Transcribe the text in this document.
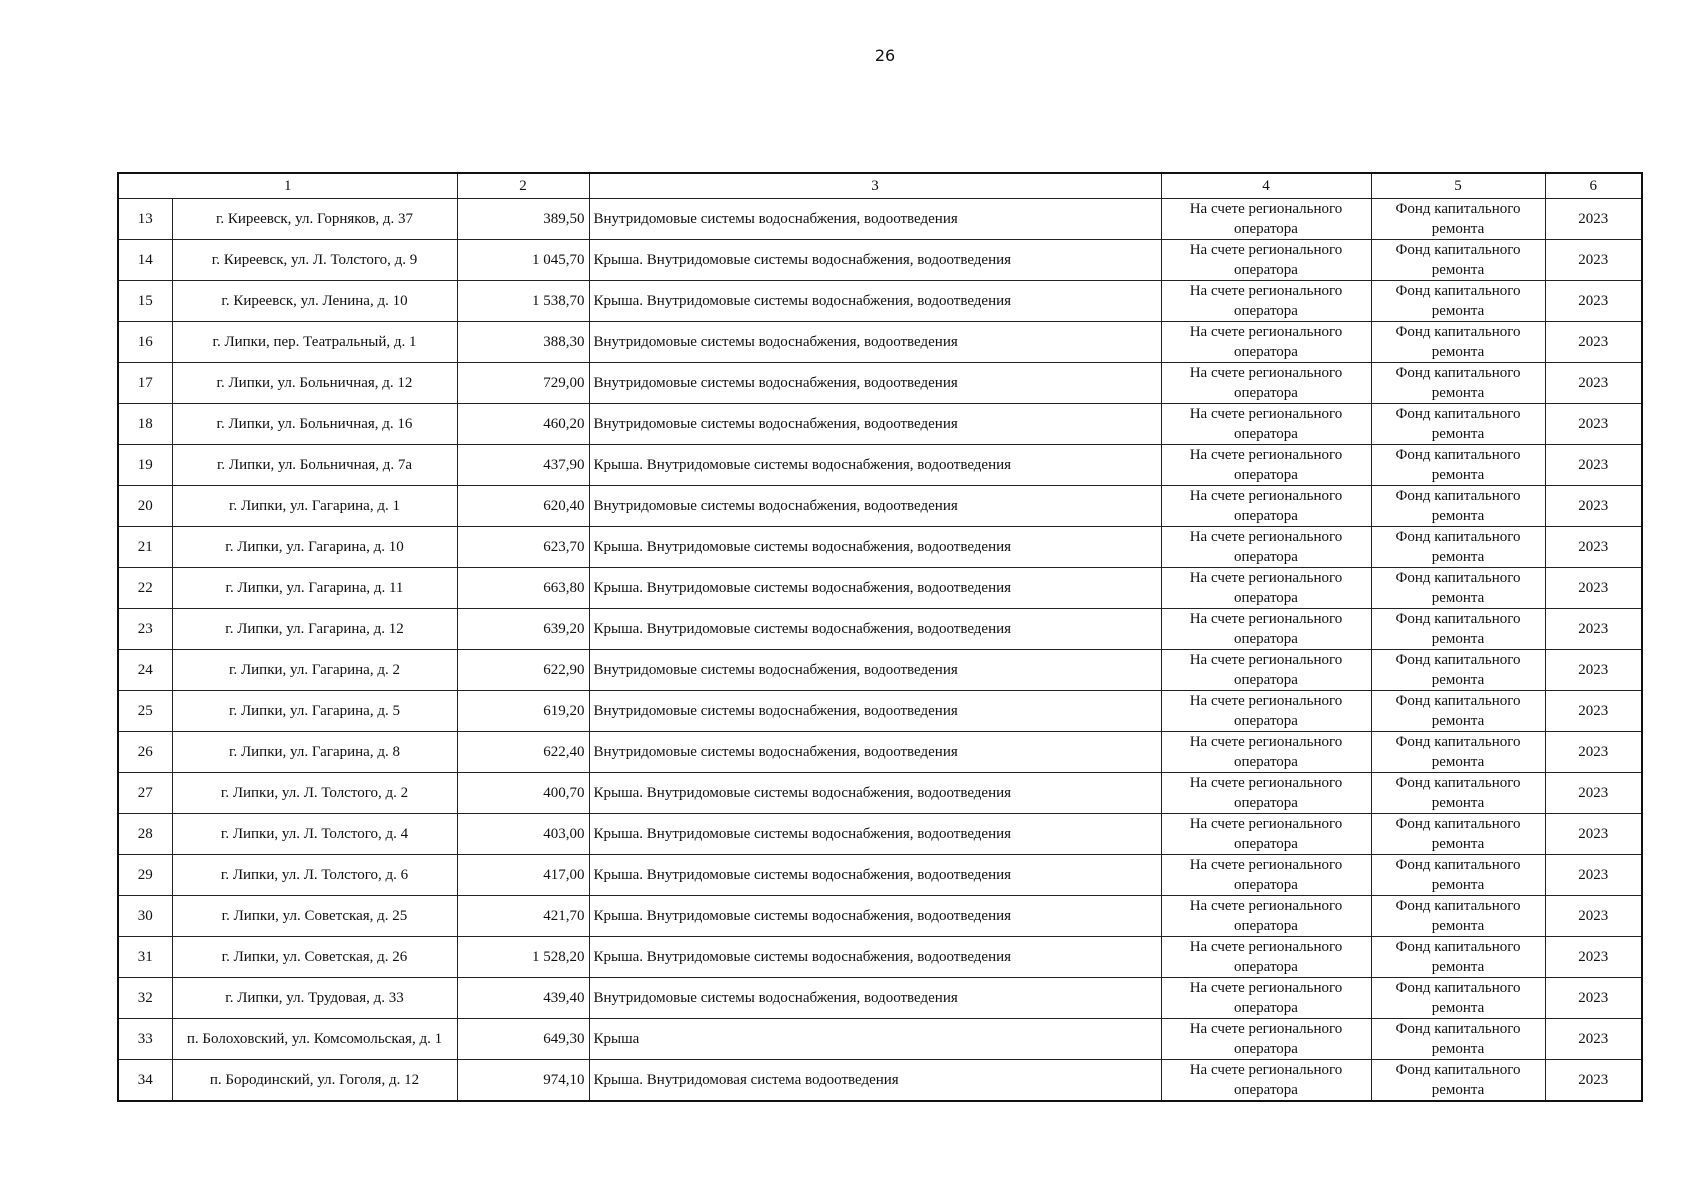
26
1		2	3	4	5	6
13	г. Киреевск, ул. Горняков, д. 37	389,50	Внутридомовые системы водоснабжения, водоотведения	На счете регионального оператора	Фонд капитального ремонта	2023
14	г. Киреевск, ул. Л. Толстого, д. 9	1 045,70	Крыша. Внутридомовые системы водоснабжения, водоотведения	На счете регионального оператора	Фонд капитального ремонта	2023
15	г. Киреевск, ул. Ленина, д. 10	1 538,70	Крыша. Внутридомовые системы водоснабжения, водоотведения	На счете регионального оператора	Фонд капитального ремонта	2023
16	г. Липки, пер. Театральный, д. 1	388,30	Внутридомовые системы водоснабжения, водоотведения	На счете регионального оператора	Фонд капитального ремонта	2023
17	г. Липки, ул. Больничная, д. 12	729,00	Внутридомовые системы водоснабжения, водоотведения	На счете регионального оператора	Фонд капитального ремонта	2023
18	г. Липки, ул. Больничная, д. 16	460,20	Внутридомовые системы водоснабжения, водоотведения	На счете регионального оператора	Фонд капитального ремонта	2023
19	г. Липки, ул. Больничная, д. 7а	437,90	Крыша. Внутридомовые системы водоснабжения, водоотведения	На счете регионального оператора	Фонд капитального ремонта	2023
20	г. Липки, ул. Гагарина, д. 1	620,40	Внутридомовые системы водоснабжения, водоотведения	На счете регионального оператора	Фонд капитального ремонта	2023
21	г. Липки, ул. Гагарина, д. 10	623,70	Крыша. Внутридомовые системы водоснабжения, водоотведения	На счете регионального оператора	Фонд капитального ремонта	2023
22	г. Липки, ул. Гагарина, д. 11	663,80	Крыша. Внутридомовые системы водоснабжения, водоотведения	На счете регионального оператора	Фонд капитального ремонта	2023
23	г. Липки, ул. Гагарина, д. 12	639,20	Крыша. Внутридомовые системы водоснабжения, водоотведения	На счете регионального оператора	Фонд капитального ремонта	2023
24	г. Липки, ул. Гагарина, д. 2	622,90	Внутридомовые системы водоснабжения, водоотведения	На счете регионального оператора	Фонд капитального ремонта	2023
25	г. Липки, ул. Гагарина, д. 5	619,20	Внутридомовые системы водоснабжения, водоотведения	На счете регионального оператора	Фонд капитального ремонта	2023
26	г. Липки, ул. Гагарина, д. 8	622,40	Внутридомовые системы водоснабжения, водоотведения	На счете регионального оператора	Фонд капитального ремонта	2023
27	г. Липки, ул. Л. Толстого, д. 2	400,70	Крыша. Внутридомовые системы водоснабжения, водоотведения	На счете регионального оператора	Фонд капитального ремонта	2023
28	г. Липки, ул. Л. Толстого, д. 4	403,00	Крыша. Внутридомовые системы водоснабжения, водоотведения	На счете регионального оператора	Фонд капитального ремонта	2023
29	г. Липки, ул. Л. Толстого, д. 6	417,00	Крыша. Внутридомовые системы водоснабжения, водоотведения	На счете регионального оператора	Фонд капитального ремонта	2023
30	г. Липки, ул. Советская, д. 25	421,70	Крыша. Внутридомовые системы водоснабжения, водоотведения	На счете регионального оператора	Фонд капитального ремонта	2023
31	г. Липки, ул. Советская, д. 26	1 528,20	Крыша. Внутридомовые системы водоснабжения, водоотведения	На счете регионального оператора	Фонд капитального ремонта	2023
32	г. Липки, ул. Трудовая, д. 33	439,40	Внутридомовые системы водоснабжения, водоотведения	На счете регионального оператора	Фонд капитального ремонта	2023
33	п. Болоховский, ул. Комсомольская, д. 1	649,30	Крыша	На счете регионального оператора	Фонд капитального ремонта	2023
34	п. Бородинский, ул. Гоголя, д. 12	974,10	Крыша. Внутридомовая система водоотведения	На счете регионального оператора	Фонд капитального ремонта	2023
